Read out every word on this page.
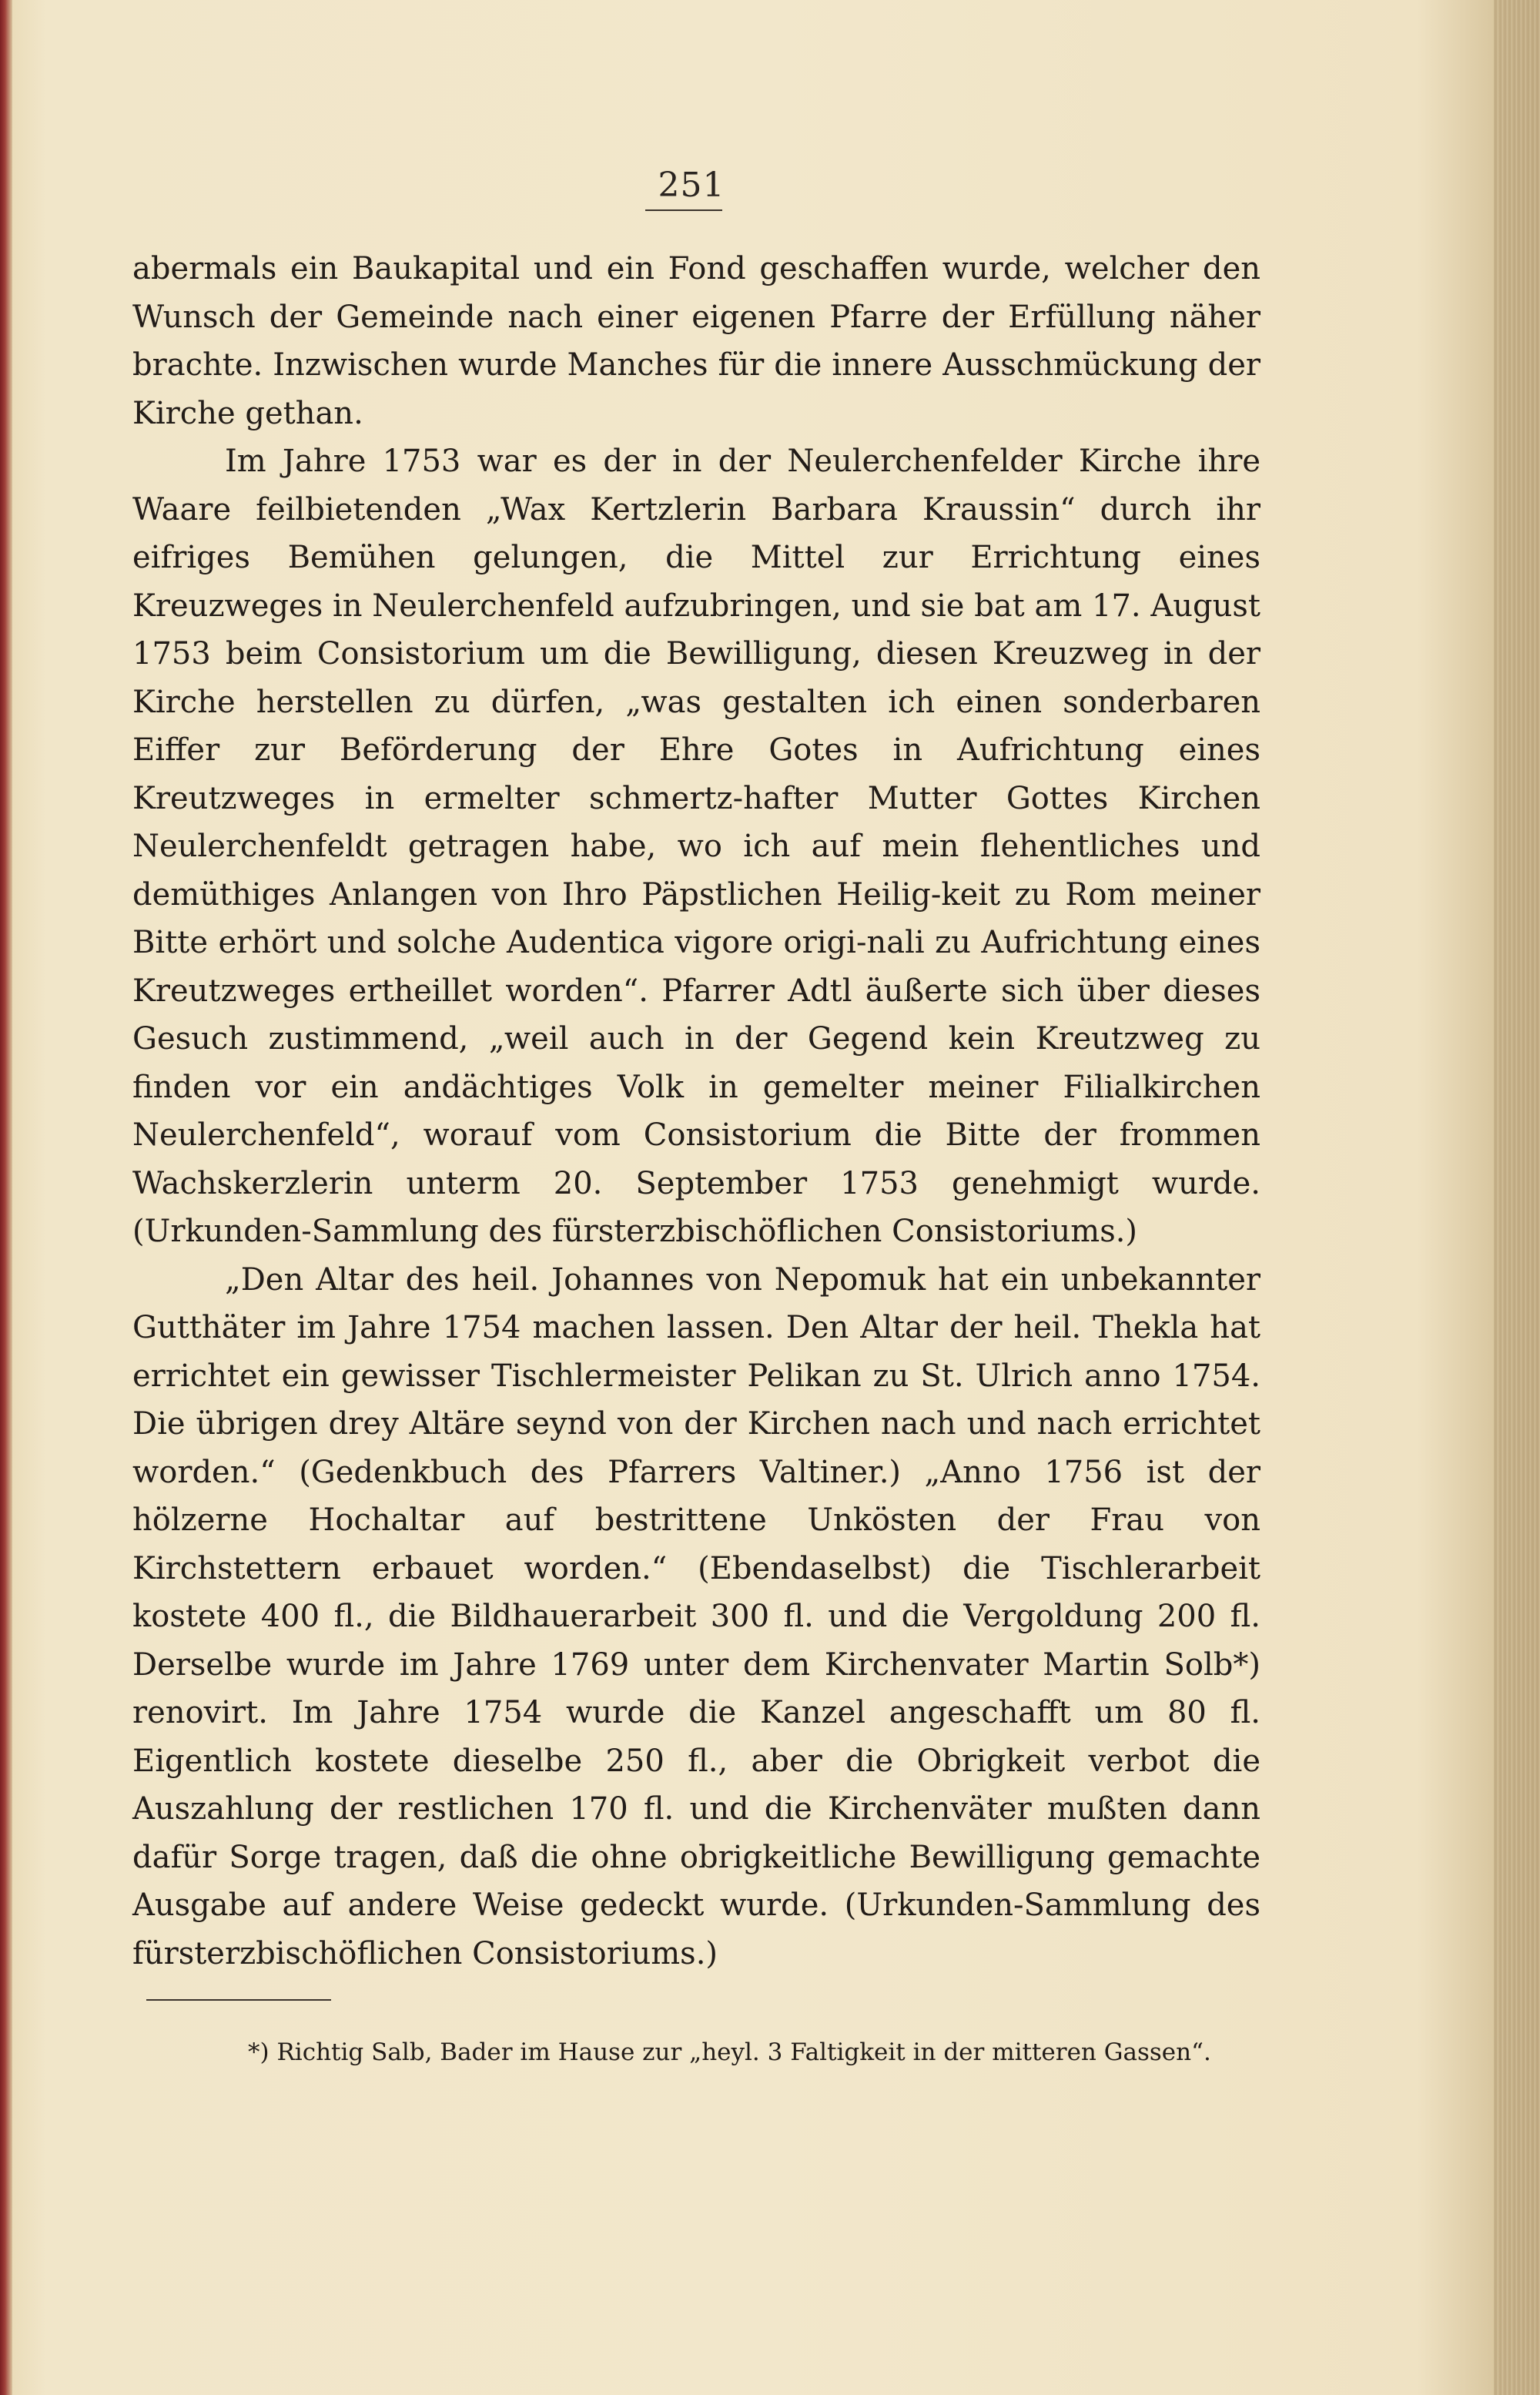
251

abermals ein Baukapital und ein Fond geschaffen wurde, welcher den Wunsch der Gemeinde nach einer eigenen Pfarre der Erfüllung näher brachte. Inzwischen wurde Manches für die innere Ausschmückung der Kirche gethan.

Im Jahre 1753 war es der in der Neulerchenfelder Kirche ihre Waare feilbietenden „Wax Kertzlerin Barbara Kraussin“ durch ihr eifriges Bemühen gelungen, die Mittel zur Errichtung eines Kreuzweges in Neulerchenfeld aufzubringen, und sie bat am 17. August 1753 beim Consistorium um die Bewilligung, diesen Kreuzweg in der Kirche herstellen zu dürfen, „was gestalten ich einen sonderbaren Eiffer zur Beförderung der Ehre Gotes in Aufrichtung eines Kreutzweges in ermelter schmertz-hafter Mutter Gottes Kirchen Neulerchenfeldt getragen habe, wo ich auf mein flehentliches und demüthiges Anlangen von Ihro Päpstlichen Heilig-keit zu Rom meiner Bitte erhört und solche Audentica vigore origi-nali zu Aufrichtung eines Kreutzweges ertheillet worden“. Pfarrer Adtl äußerte sich über dieses Gesuch zustimmend, „weil auch in der Gegend kein Kreutzweg zu finden vor ein andächtiges Volk in gemelter meiner Filialkirchen Neulerchenfeld“, worauf vom Consistorium die Bitte der frommen Wachskerzlerin unterm 20. September 1753 genehmigt wurde. (Urkunden-Sammlung des fürsterzbischöflichen Consistoriums.)

„Den Altar des heil. Johannes von Nepomuk hat ein unbekannter Gutthäter im Jahre 1754 machen lassen. Den Altar der heil. Thekla hat errichtet ein gewisser Tischlermeister Pelikan zu St. Ulrich anno 1754. Die übrigen drey Altäre seynd von der Kirchen nach und nach errichtet worden.“ (Gedenkbuch des Pfarrers Valtiner.) „Anno 1756 ist der hölzerne Hochaltar auf bestrittene Unkösten der Frau von Kirchstettern erbauet worden.“ (Ebendaselbst) die Tischlerarbeit kostete 400 fl., die Bildhauerarbeit 300 fl. und die Vergoldung 200 fl. Derselbe wurde im Jahre 1769 unter dem Kirchenvater Martin Solb*) renovirt. Im Jahre 1754 wurde die Kanzel angeschafft um 80 fl. Eigentlich kostete dieselbe 250 fl., aber die Obrigkeit verbot die Auszahlung der restlichen 170 fl. und die Kirchenväter mußten dann dafür Sorge tragen, daß die ohne obrigkeitliche Bewilligung gemachte Ausgabe auf andere Weise gedeckt wurde. (Urkunden-Sammlung des fürsterzbischöflichen Consistoriums.)

*) Richtig Salb, Bader im Hause zur „heyl. 3 Faltigkeit in der mitteren Gassen“.
